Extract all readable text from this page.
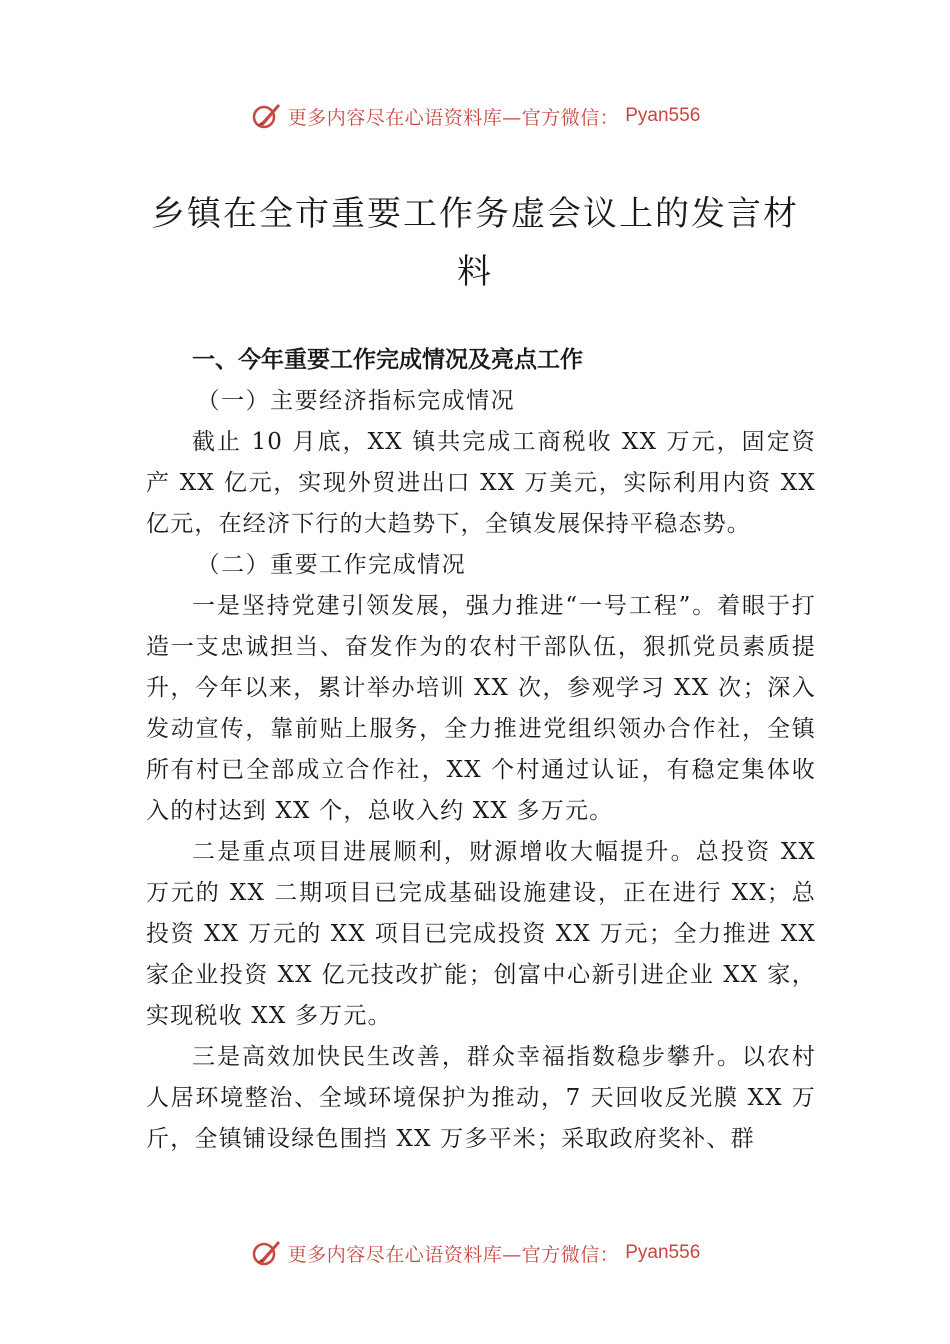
更多内容尽在心语资料库—官方微信： Pyan556
乡镇在全市重要工作务虚会议上的发言材料

一、今年重要工作完成情况及亮点工作

（一）主要经济指标完成情况

截止 10 月底，XX 镇共完成工商税收 XX 万元，固定资产 XX 亿元，实现外贸进出口 XX 万美元，实际利用内资 XX 亿元，在经济下行的大趋势下，全镇发展保持平稳态势。

（二）重要工作完成情况

一是坚持党建引领发展，强力推进“一号工程”。着眼于打造一支忠诚担当、奋发作为的农村干部队伍，狠抓党员素质提升，今年以来，累计举办培训 XX 次，参观学习 XX 次；深入发动宣传，靠前贴上服务，全力推进党组织领办合作社，全镇所有村已全部成立合作社，XX 个村通过认证，有稳定集体收入的村达到 XX 个，总收入约 XX 多万元。

二是重点项目进展顺利，财源增收大幅提升。总投资 XX 万元的 XX 二期项目已完成基础设施建设，正在进行 XX；总投资 XX 万元的 XX 项目已完成投资 XX 万元；全力推进 XX 家企业投资 XX 亿元技改扩能；创富中心新引进企业 XX 家，实现税收 XX 多万元。

三是高效加快民生改善，群众幸福指数稳步攀升。以农村人居环境整治、全域环境保护为推动，7 天回收反光膜 XX 万斤，全镇铺设绿色围挡 XX 万多平米；采取政府奖补、群

更多内容尽在心语资料库—官方微信： Pyan556
